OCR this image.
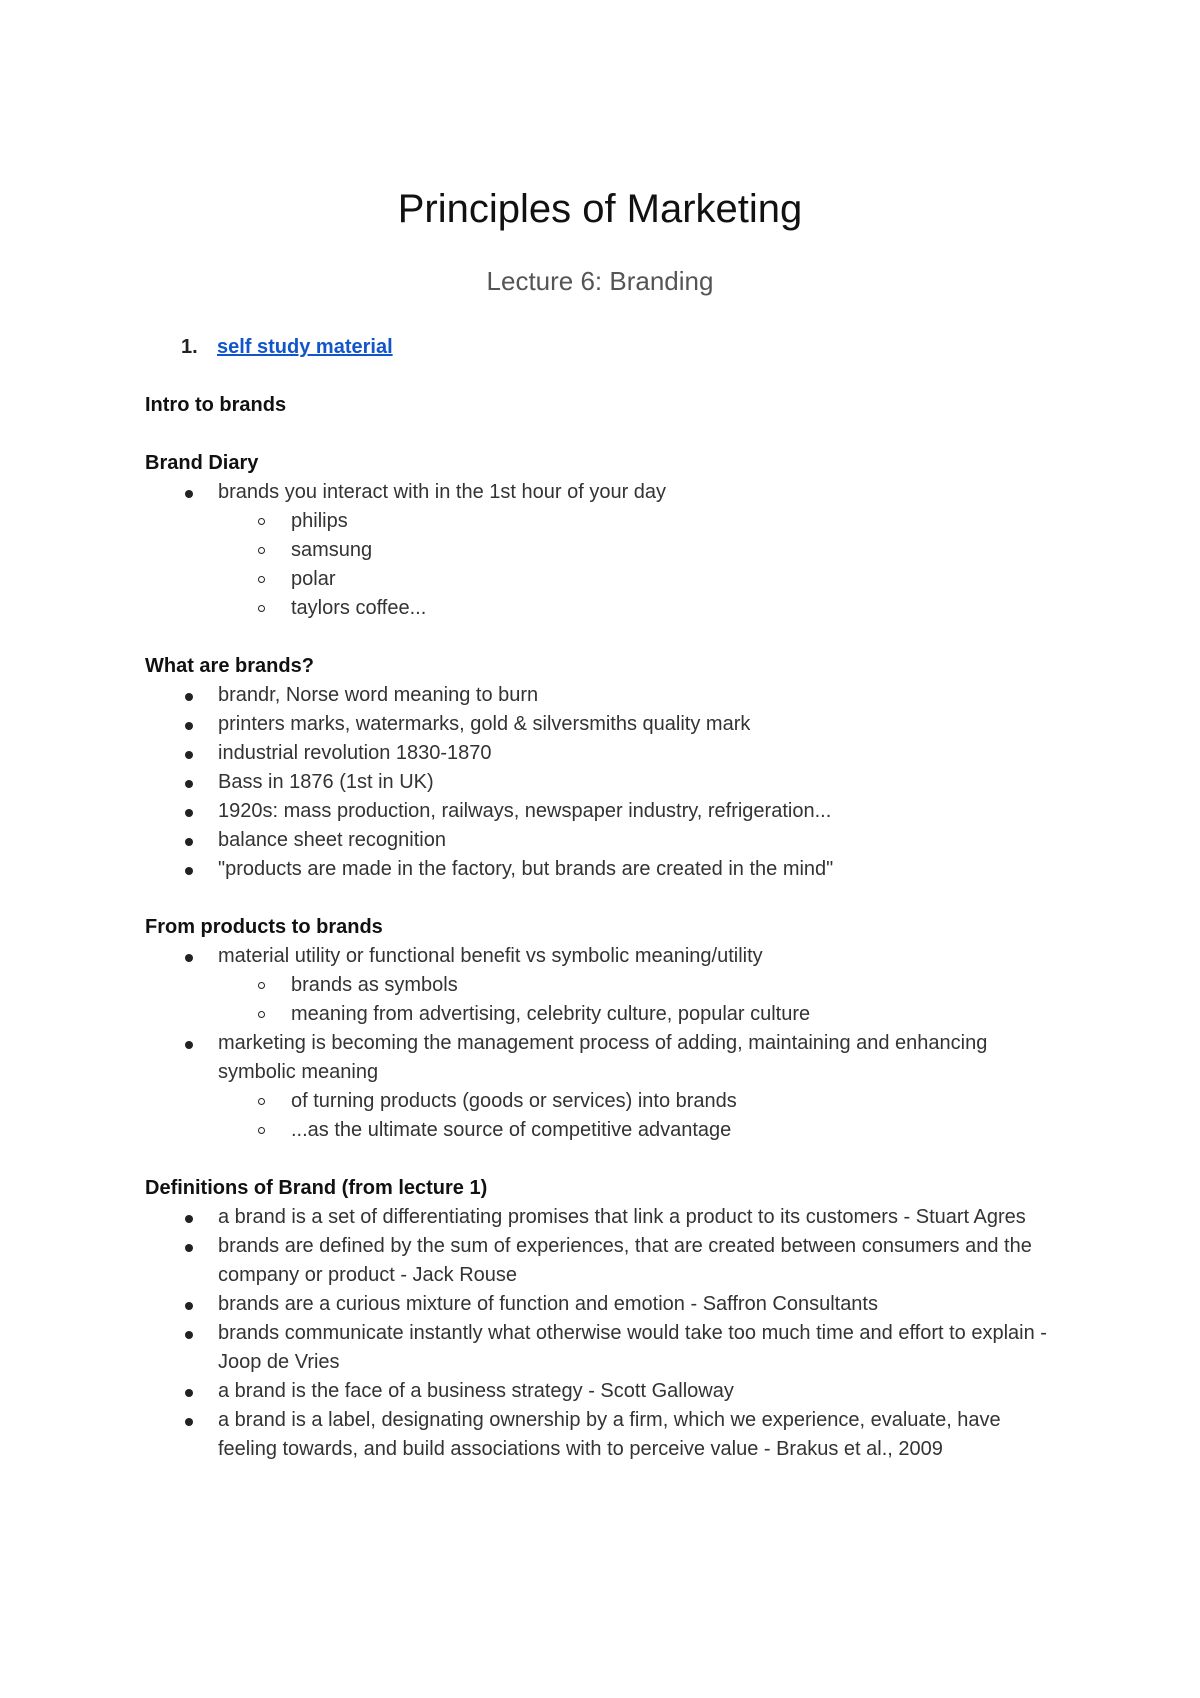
Principles of Marketing
Lecture 6: Branding
1. self study material
Intro to brands
Brand Diary
brands you interact with in the 1st hour of your day
philips
samsung
polar
taylors coffee...
What are brands?
brandr, Norse word meaning to burn
printers marks, watermarks, gold & silversmiths quality mark
industrial revolution 1830-1870
Bass in 1876 (1st in UK)
1920s: mass production, railways, newspaper industry, refrigeration...
balance sheet recognition
"products are made in the factory, but brands are created in the mind"
From products to brands
material utility or functional benefit vs symbolic meaning/utility
brands as symbols
meaning from advertising, celebrity culture, popular culture
marketing is becoming the management process of adding, maintaining and enhancing symbolic meaning
of turning products (goods or services) into brands
...as the ultimate source of competitive advantage
Definitions of Brand (from lecture 1)
a brand is a set of differentiating promises that link a product to its customers - Stuart Agres
brands are defined by the sum of experiences, that are created between consumers and the company or product - Jack Rouse
brands are a curious mixture of function and emotion - Saffron Consultants
brands communicate instantly what otherwise would take too much time and effort to explain - Joop de Vries
a brand is the face of a business strategy - Scott Galloway
a brand is a label, designating ownership by a firm, which we experience, evaluate, have feeling towards, and build associations with to perceive value - Brakus et al., 2009
